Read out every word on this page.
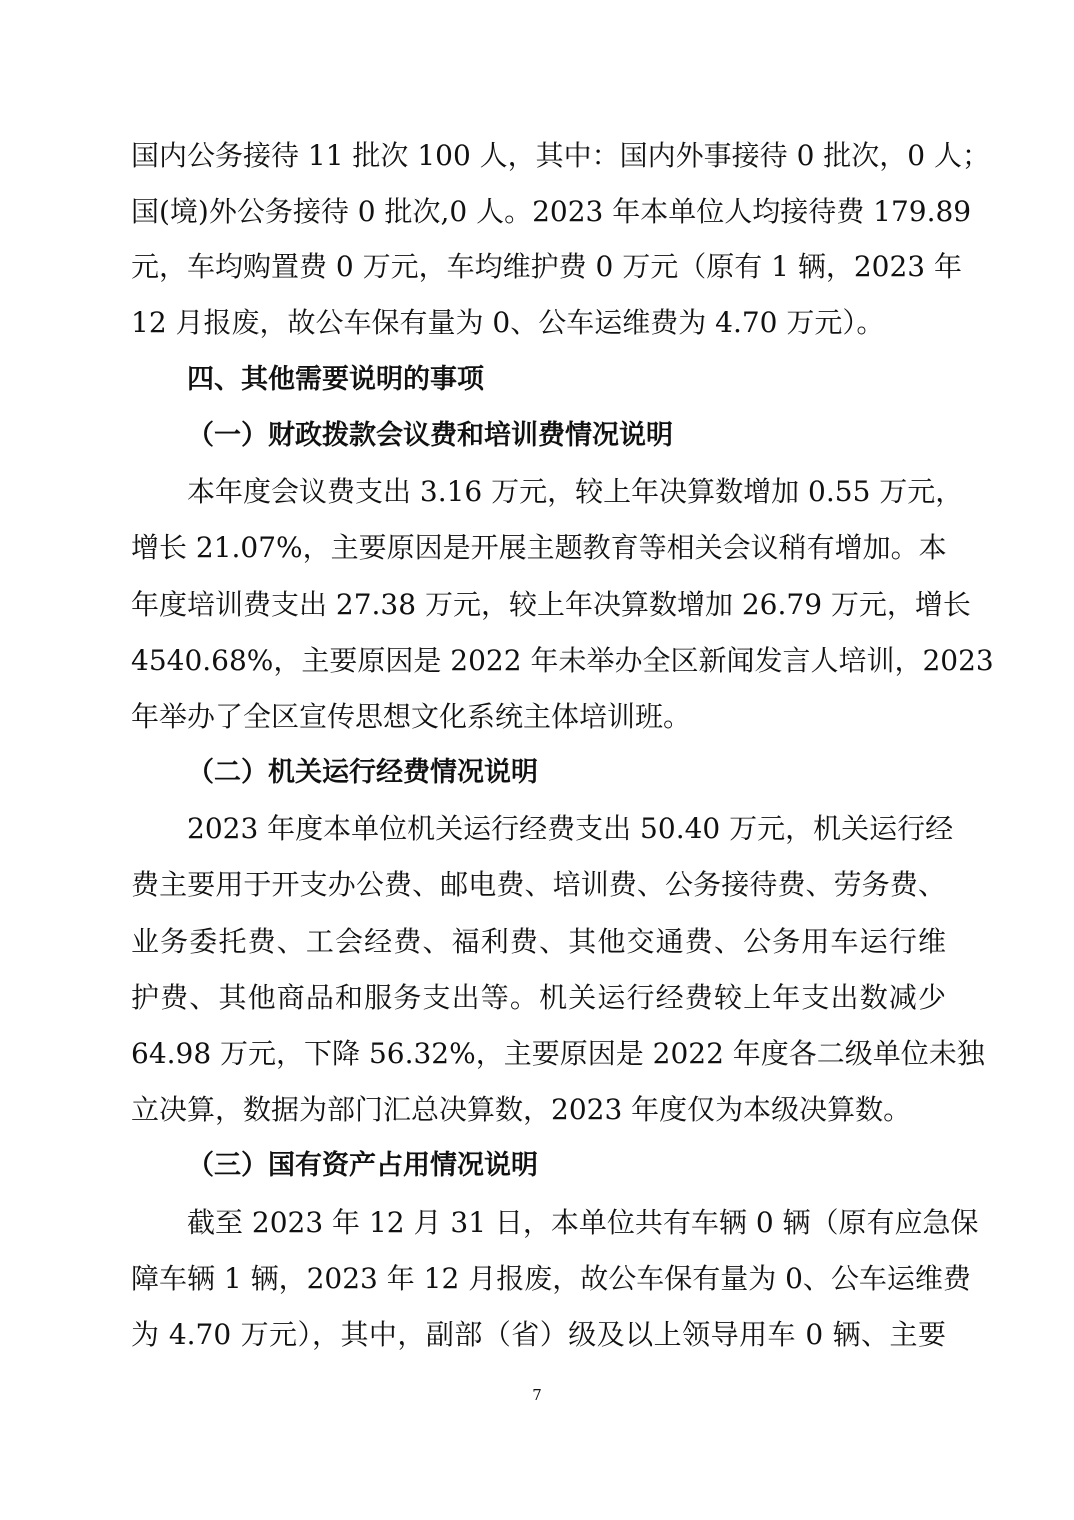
国内公务接待 11 批次 100 人，其中：国内外事接待 0 批次，0 人；
国(境)外公务接待 0 批次,0 人。2023 年本单位人均接待费 179.89
元，车均购置费 0 万元，车均维护费 0 万元（原有 1 辆，2023 年
12 月报废，故公车保有量为 0、公车运维费为 4.70 万元）。
四、其他需要说明的事项
（一）财政拨款会议费和培训费情况说明
本年度会议费支出 3.16 万元，较上年决算数增加 0.55 万元，
增长 21.07%，主要原因是开展主题教育等相关会议稍有增加。本
年度培训费支出 27.38 万元，较上年决算数增加 26.79 万元，增长
4540.68%，主要原因是 2022 年未举办全区新闻发言人培训，2023
年举办了全区宣传思想文化系统主体培训班。
（二）机关运行经费情况说明
2023 年度本单位机关运行经费支出 50.40 万元，机关运行经
费主要用于开支办公费、邮电费、培训费、公务接待费、劳务费、
业务委托费、工会经费、福利费、其他交通费、公务用车运行维
护费、其他商品和服务支出等。机关运行经费较上年支出数减少
64.98 万元，下降 56.32%，主要原因是 2022 年度各二级单位未独
立决算，数据为部门汇总决算数，2023 年度仅为本级决算数。
（三）国有资产占用情况说明
截至 2023 年 12 月 31 日，本单位共有车辆 0 辆（原有应急保
障车辆 1 辆，2023 年 12 月报废，故公车保有量为 0、公车运维费
为 4.70 万元），其中，副部（省）级及以上领导用车 0 辆、主要
7
